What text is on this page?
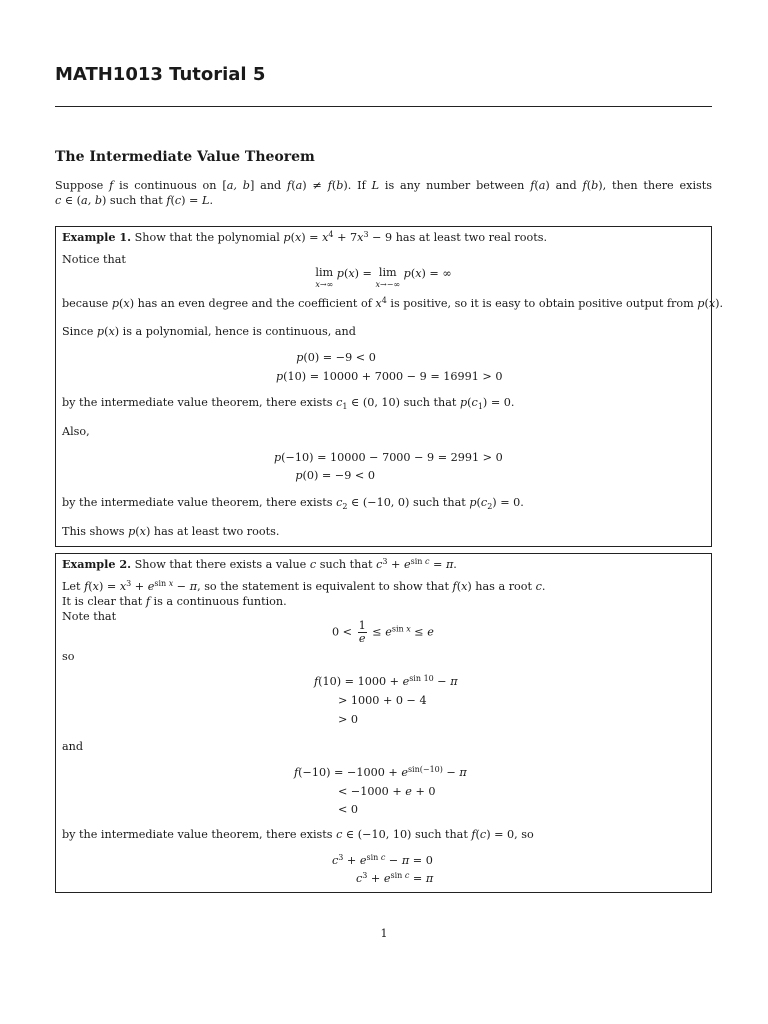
MATH1013 Tutorial 5
The Intermediate Value Theorem
Suppose f is continuous on [a, b] and f(a) ≠ f(b). If L is any number between f(a) and f(b), then there exists
c ∈ (a, b) such that f(c) = L.
Example 1. Show that the polynomial $p(x) = x^4 + 7x^3 - 9$ has at least two real roots.
Notice that
lim
x→∞
p(x) = lim
x→−∞
p(x) = ∞
because p(x) has an even degree and the coefficient of $x^4$ is positive, so it is easy to obtain positive output from p(x).
Since p(x) is a polynomial, hence is continuous, and
p(0) = −9 < 0
p(10) = 10000 + 7000 − 9 = 16991 > 0
by the intermediate value theorem, there exists $c_1$ ∈ (0, 10) such that $p(c_1) = 0$.
Also,
p(−10) = 10000 − 7000 − 9 = 2991 > 0
p(0) = −9 < 0
by the intermediate value theorem, there exists $c_2$ ∈ (−10, 0) such that $p(c_2) = 0$.
This shows p(x) has at least two roots.
Example 2. Show that there exists a value c such that $c^3 + e^{sin c} = \pi$.
Let $f(x) = x^3 + e^{sin x} - \pi$, so the statement is equivalent to show that f(x) has a root c.
It is clear that f is a continuous funtion.
Note that
$0 < \frac{1}{e} \le e^{sin x} \le e$
so
$f(10) = 1000 + e^{sin 10} - \pi$
> 1000 + 0 − 4
> 0
and
$f(-10) = -1000 + e^{sin(-10)} - \pi$
< −1000 + e + 0
< 0
by the intermediate value theorem, there exists c ∈ (−10, 10) such that f(c) = 0, so
$c^3 + e^{sin c} - \pi = 0$
$c^3 + e^{sin c} = \pi$
1
